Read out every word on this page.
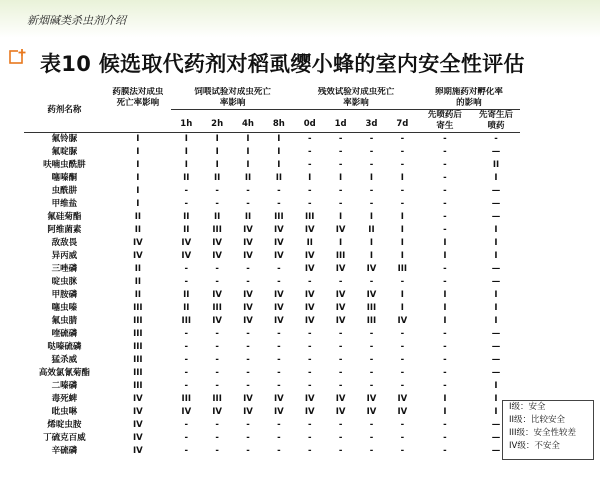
新烟碱类杀虫剂介绍
表10 候选取代药剂对稻虱缨小蜂的室内安全性评估
药剂名称	药膜法对成虫死亡率影响	饲喂试验对成虫死亡率影响				残效试验对成虫死亡率影响				卵期施药对孵化率的影响	
		1h	2h	4h	8h	0d	1d	3d	7d	先喷药后寄生	先寄生后喷药

氟铃脲	I	I	I	I	I	-	-	-	-	-	-
氟啶脲	I	I	I	I	I	-	-	-	-	-	—
呋喃虫酰肼	I	I	I	I	I	-	-	-	-	-	II
噻嗪酮	I	II	II	II	II	I	I	I	I	-	I
虫酰肼	I	-	-	-	-	-	-	-	-	-	—
甲维盐	I	-	-	-	-	-	-	-	-	-	—
氟硅菊酯	II	II	II	II	III	III	I	I	I	-	—
阿维菌素	II	II	III	IV	IV	IV	IV	II	I	-	I
敌敌畏	IV	IV	IV	IV	IV	II	I	I	I	I	I
异丙威	IV	IV	IV	IV	IV	IV	III	I	I	I	I
三唑磷	II	-	-	-	-	IV	IV	IV	III	-	—
啶虫脒	II	-	-	-	-	-	-	-	-	-	—
甲胺磷	II	II	IV	IV	IV	IV	IV	IV	I	I	I
噻虫嗪	III	II	III	IV	IV	IV	IV	III	I	I	I
氟虫腈	III	III	IV	IV	IV	IV	IV	III	IV	I	I
喹硫磷	III	-	-	-	-	-	-	-	-	-	—
哒嗪硫磷	III	-	-	-	-	-	-	-	-	-	—
猛杀威	III	-	-	-	-	-	-	-	-	-	—
高效氯氰菊酯	III	-	-	-	-	-	-	-	-	-	—
二嗪磷	III	-	-	-	-	-	-	-	-	-	I
毒死蜱	IV	III	III	IV	IV	IV	IV	IV	IV	I	I
吡虫啉	IV	IV	IV	IV	IV	IV	IV	IV	IV	I	I
烯啶虫胺	IV	-	-	-	-	-	-	-	-	-	—
丁硫克百威	IV	-	-	-	-	-	-	-	-	-	—
辛硫磷	IV	-	-	-	-	-	-	-	-	-	—
I级：安全
II级：比较安全
III级：安全性较差
IV级：不安全
